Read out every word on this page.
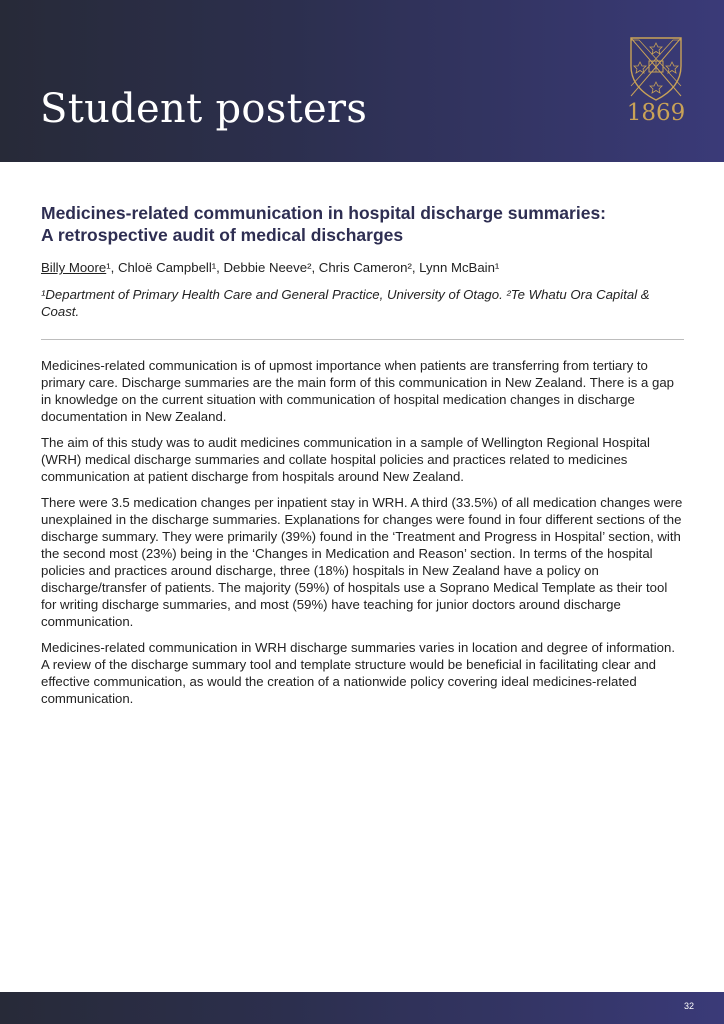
Student posters	1869
Medicines-related communication in hospital discharge summaries:
A retrospective audit of medical discharges
Billy Moore¹, Chloë Campbell¹, Debbie Neeve², Chris Cameron², Lynn McBain¹
¹Department of Primary Health Care and General Practice, University of Otago. ²Te Whatu Ora Capital & Coast.

Medicines-related communication is of upmost importance when patients are transferring from tertiary to primary care. Discharge summaries are the main form of this communication in New Zealand. There is a gap in knowledge on the current situation with communication of hospital medication changes in discharge documentation in New Zealand.

The aim of this study was to audit medicines communication in a sample of Wellington Regional Hospital (WRH) medical discharge summaries and collate hospital policies and practices related to medicines communication at patient discharge from hospitals around New Zealand.

There were 3.5 medication changes per inpatient stay in WRH. A third (33.5%) of all medication changes were unexplained in the discharge summaries. Explanations for changes were found in four different sections of the discharge summary. They were primarily (39%) found in the ‘Treatment and Progress in Hospital’ section, with the second most (23%) being in the ‘Changes in Medication and Reason’ section. In terms of the hospital policies and practices around discharge, three (18%) hospitals in New Zealand have a policy on discharge/transfer of patients. The majority (59%) of hospitals use a Soprano Medical Template as their tool for writing discharge summaries, and most (59%) have teaching for junior doctors around discharge communication.

Medicines-related communication in WRH discharge summaries varies in location and degree of information. A review of the discharge summary tool and template structure would be beneficial in facilitating clear and effective communication, as would the creation of a nationwide policy covering ideal medicines-related communication.

32
